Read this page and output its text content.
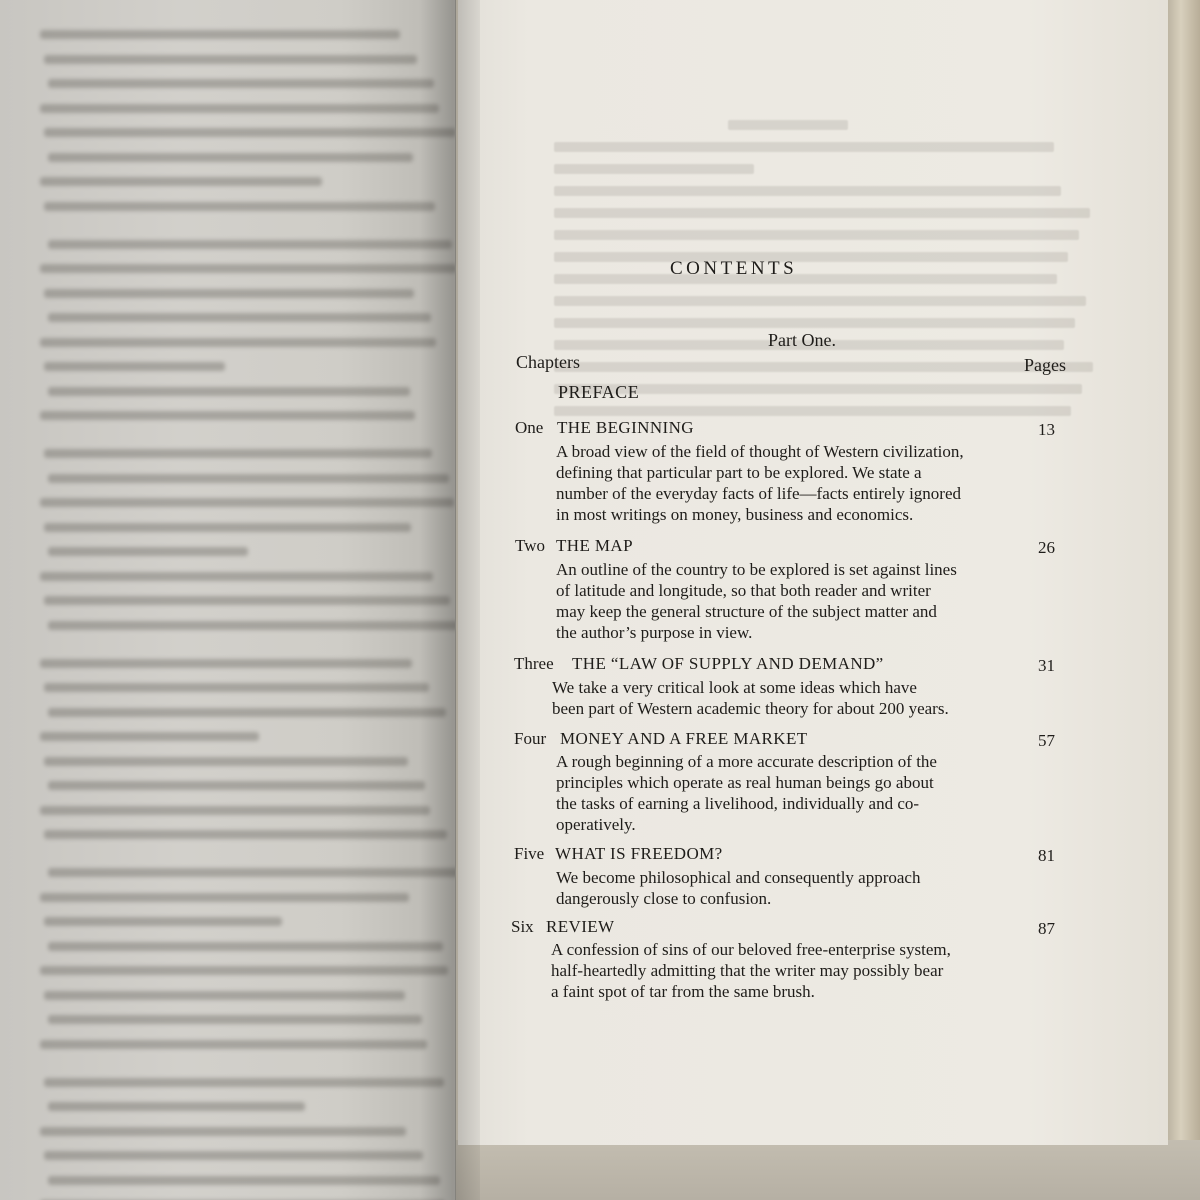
CONTENTS
Part One.
Chapters	Pages
PREFACE
One THE BEGINNING	13
A broad view of the field of thought of Western civilization,
defining that particular part to be explored. We state a
number of the everyday facts of life—facts entirely ignored
in most writings on money, business and economics.
Two THE MAP	26
An outline of the country to be explored is set against lines
of latitude and longitude, so that both reader and writer
may keep the general structure of the subject matter and
the author’s purpose in view.
Three THE “LAW OF SUPPLY AND DEMAND”	31
We take a very critical look at some ideas which have
been part of Western academic theory for about 200 years.
Four MONEY AND A FREE MARKET	57
A rough beginning of a more accurate description of the
principles which operate as real human beings go about
the tasks of earning a livelihood, individually and co-
operatively.
Five WHAT IS FREEDOM?	81
We become philosophical and consequently approach
dangerously close to confusion.
Six REVIEW	87
A confession of sins of our beloved free-enterprise system,
half-heartedly admitting that the writer may possibly bear
a faint spot of tar from the same brush.
